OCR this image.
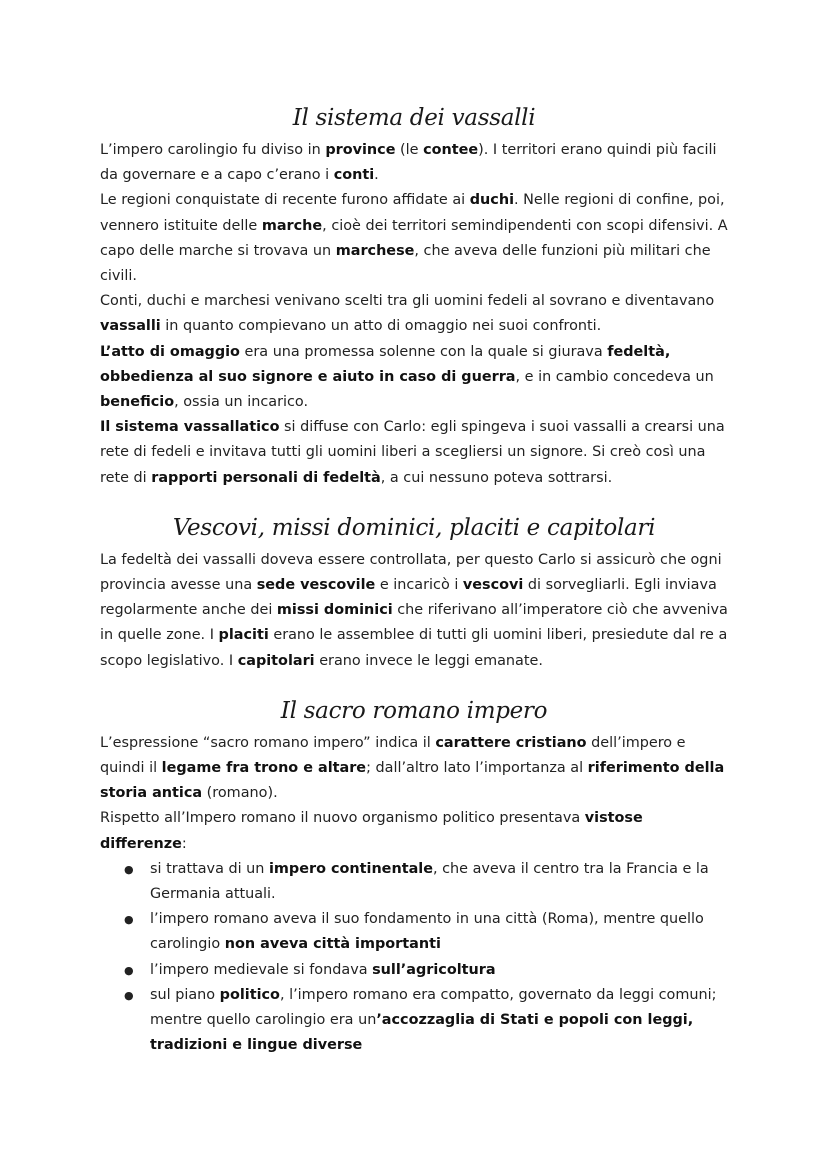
Il sistema dei vassalli

L’impero carolingio fu diviso in province (le contee). I territori erano quindi più facili da governare e a capo c’erano i conti.

Le regioni conquistate di recente furono affidate ai duchi. Nelle regioni di confine, poi, vennero istituite delle marche, cioè dei territori semindipendenti con scopi difensivi. A capo delle marche si trovava un marchese, che aveva delle funzioni più militari che civili.

Conti, duchi e marchesi venivano scelti tra gli uomini fedeli al sovrano e diventavano vassalli in quanto compievano un atto di omaggio nei suoi confronti.

L’atto di omaggio era una promessa solenne con la quale si giurava fedeltà, obbedienza al suo signore e aiuto in caso di guerra, e in cambio concedeva un beneficio, ossia un incarico.

Il sistema vassallatico si diffuse con Carlo: egli spingeva i suoi vassalli a crearsi una rete di fedeli e invitava tutti gli uomini liberi a scegliersi un signore. Si creò così una rete di rapporti personali di fedeltà, a cui nessuno poteva sottrarsi.

Vescovi, missi dominici, placiti e capitolari

La fedeltà dei vassalli doveva essere controllata, per questo Carlo si assicurò che ogni provincia avesse una sede vescovile e incaricò i vescovi di sorvegliarli. Egli inviava regolarmente anche dei missi dominici che riferivano all’imperatore ciò che avveniva in quelle zone. I placiti erano le assemblee di tutti gli uomini liberi, presiedute dal re a scopo legislativo. I capitolari erano invece le leggi emanate.

Il sacro romano impero

L’espressione “sacro romano impero” indica il carattere cristiano dell’impero e quindi il legame fra trono e altare; dall’altro lato l’importanza al riferimento della storia antica (romano).

Rispetto all’Impero romano il nuovo organismo politico presentava vistose differenze:

● si trattava di un impero continentale, che aveva il centro tra la Francia e la Germania attuali.
● l’impero romano aveva il suo fondamento in una città (Roma), mentre quello carolingio non aveva città importanti
● l’impero medievale si fondava sull’agricoltura
● sul piano politico, l’impero romano era compatto, governato da leggi comuni; mentre quello carolingio era un’accozzaglia di Stati e popoli con leggi, tradizioni e lingue diverse
